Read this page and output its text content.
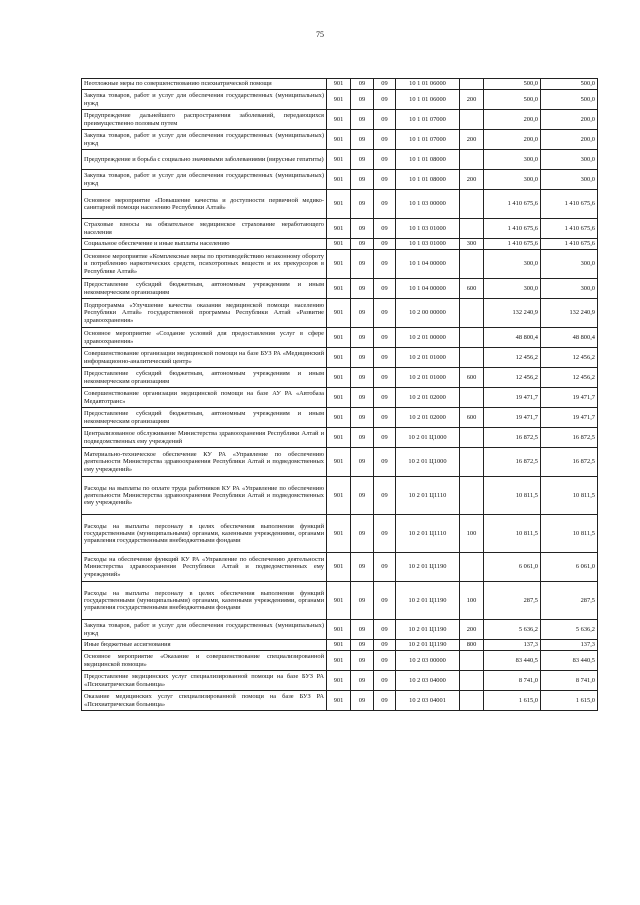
75
Неотложные меры по совершенствованию психиатрической помощи	901	09	09	10 1 01 06000		500,0	500,0
Закупка товаров, работ и услуг для обеспечения государственных (муниципальных) нужд	901	09	09	10 1 01 06000	200	500,0	500,0
Предупреждение дальнейшего распространения заболеваний, передающихся преимущественно половым путем	901	09	09	10 1 01 07000		200,0	200,0
Закупка товаров, работ и услуг для обеспечения государственных (муниципальных) нужд	901	09	09	10 1 01 07000	200	200,0	200,0
Предупреждение и борьба с социально значимыми заболеваниями (вирусные гепатиты)	901	09	09	10 1 01 08000		300,0	300,0
Закупка товаров, работ и услуг для обеспечения государственных (муниципальных) нужд	901	09	09	10 1 01 08000	200	300,0	300,0
Основное мероприятие «Повышение качества и доступности первичной медико-санитарной помощи населению Республики Алтай»	901	09	09	10 1 03 00000		1 410 675,6	1 410 675,6
Страховые взносы на обязательное медицинское страхование неработающего населения	901	09	09	10 1 03 01000		1 410 675,6	1 410 675,6
Социальное обеспечение и иные выплаты населению	901	09	09	10 1 03 01000	300	1 410 675,6	1 410 675,6
Основное мероприятие «Комплексные меры по противодействию незаконному обороту и потреблению наркотических средств, психотропных веществ и их прекурсоров в Республике Алтай»	901	09	09	10 1 04 00000		300,0	300,0
Предоставление субсидий бюджетным, автономным учреждениям и иным некоммерческим организациям	901	09	09	10 1 04 00000	600	300,0	300,0
Подпрограмма «Улучшение качества оказания медицинской помощи населению Республики Алтай» государственной программы Республики Алтай «Развитие здравоохранения»	901	09	09	10 2 00 00000		132 240,9	132 240,9
Основное мероприятие «Создание условий для предоставления услуг в сфере здравоохранения»	901	09	09	10 2 01 00000		48 800,4	48 800,4
Совершенствование организации медицинской помощи на базе БУЗ РА «Медицинский информационно-аналитический центр»	901	09	09	10 2 01 01000		12 456,2	12 456,2
Предоставление субсидий бюджетным, автономным учреждениям и иным некоммерческим организациям	901	09	09	10 2 01 01000	600	12 456,2	12 456,2
Совершенствование организации медицинской помощи на базе АУ РА «Автобаза Медавтотранс»	901	09	09	10 2 01 02000		19 471,7	19 471,7
Предоставление субсидий бюджетным, автономным учреждениям и иным некоммерческим организациям	901	09	09	10 2 01 02000	600	19 471,7	19 471,7
Централизованное обслуживание Министерства здравоохранения Республики Алтай и подведомственных ему учреждений	901	09	09	10 2 01 Ц1000		16 872,5	16 872,5
Материально-техническое обеспечение КУ РА «Управление по обеспечению деятельности Министерства здравоохранения Республики Алтай и подведомственных ему учреждений»	901	09	09	10 2 01 Ц1000		16 872,5	16 872,5
Расходы на выплаты по оплате труда работников КУ РА «Управление по обеспечению деятельности Министерства здравоохранения Республики Алтай и подведомственных ему учреждений»	901	09	09	10 2 01 Ц1110		10 811,5	10 811,5
Расходы на выплаты персоналу в целях обеспечения выполнения функций государственными (муниципальными) органами, казенными учреждениями, органами управления государственными внебюджетными фондами	901	09	09	10 2 01 Ц1110	100	10 811,5	10 811,5
Расходы на обеспечение функций КУ РА «Управление по обеспечению деятельности Министерства здравоохранения Республики Алтай и подведомственных ему учреждений»	901	09	09	10 2 01 Ц1190		6 061,0	6 061,0
Расходы на выплаты персоналу в целях обеспечения выполнения функций государственными (муниципальными) органами, казенными учреждениями, органами управления государственными внебюджетными фондами	901	09	09	10 2 01 Ц1190	100	287,5	287,5
Закупка товаров, работ и услуг для обеспечения государственных (муниципальных) нужд	901	09	09	10 2 01 Ц1190	200	5 636,2	5 636,2
Иные бюджетные ассигнования	901	09	09	10 2 01 Ц1190	800	137,3	137,3
Основное мероприятие «Оказание и совершенствование специализированной медицинской помощи»	901	09	09	10 2 03 00000		83 440,5	83 440,5
Предоставление медицинских услуг специализированной помощи на базе БУЗ РА «Психиатрическая больница»	901	09	09	10 2 03 04000		8 741,0	8 741,0
Оказание медицинских услуг специализированной помощи на базе БУЗ РА «Психиатрическая больница»	901	09	09	10 2 03 04001		1 615,0	1 615,0
